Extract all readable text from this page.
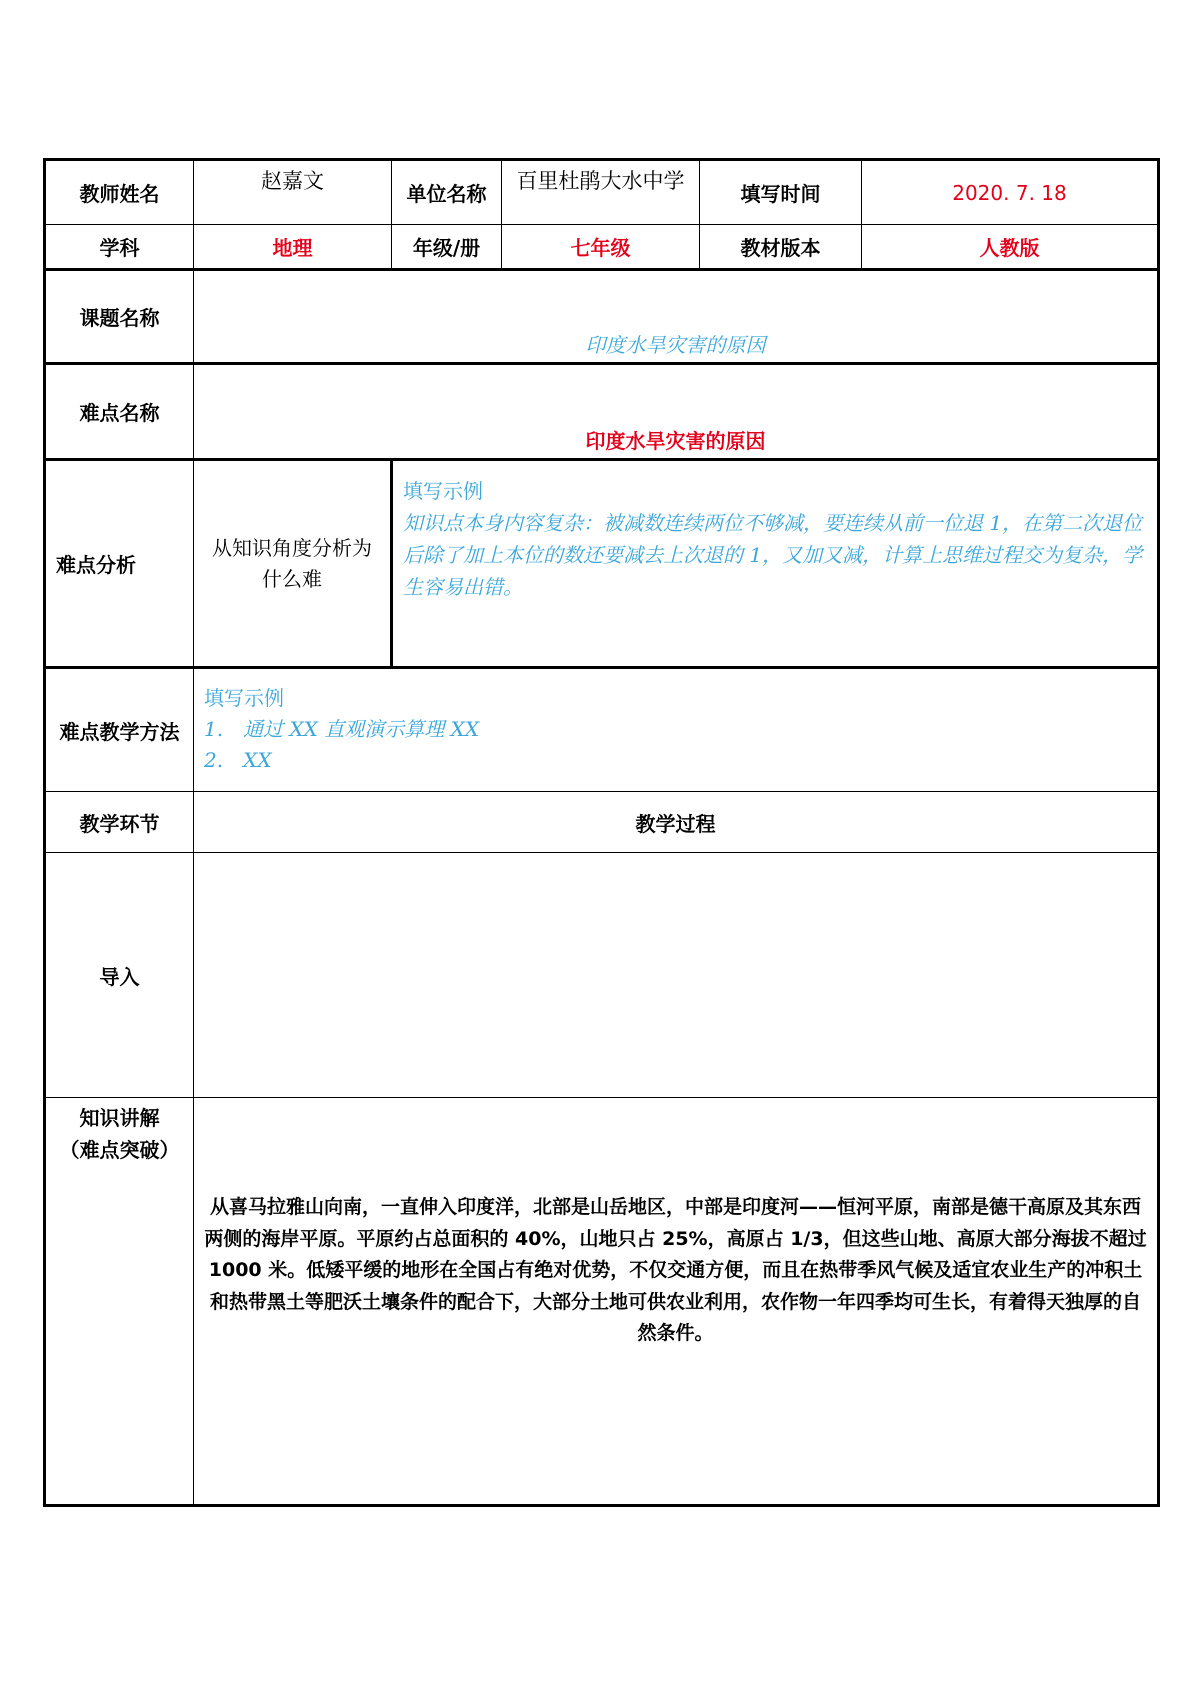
教师姓名	赵嘉文	单位名称	百里杜鹃大水中学	填写时间	2020. 7. 18
学科	地理	年级/册	七年级	教材版本	人教版
课题名称	印度水旱灾害的原因				
难点名称	印度水旱灾害的原因				
难点分析	从知识角度分析为什么难	填写示例
知识点本身内容复杂：被减数连续两位不够减，要连续从前一位退 1，在第二次退位后除了加上本位的数还要减去上次退的 1，又加又减，计算上思维过程交为复杂，学生容易出错。			

难点教学方法	填写示例
1.　通过 XX 直观演示算理 XX
2.　XX				

教学环节	教学过程				
导入					

知识讲解
（难点突破）	从喜马拉雅山向南，一直伸入印度洋，北部是山岳地区，中部是印度河——恒河平原，南部是德干高原及其东西两侧的海岸平原。平原约占总面积的 40%，山地只占 25%，高原占 1/3，但这些山地、高原大部分海拔不超过 1000 米。低矮平缓的地形在全国占有绝对优势，不仅交通方便，而且在热带季风气候及适宜农业生产的冲积土和热带黑土等肥沃土壤条件的配合下，大部分土地可供农业利用，农作物一年四季均可生长，有着得天独厚的自然条件。				
